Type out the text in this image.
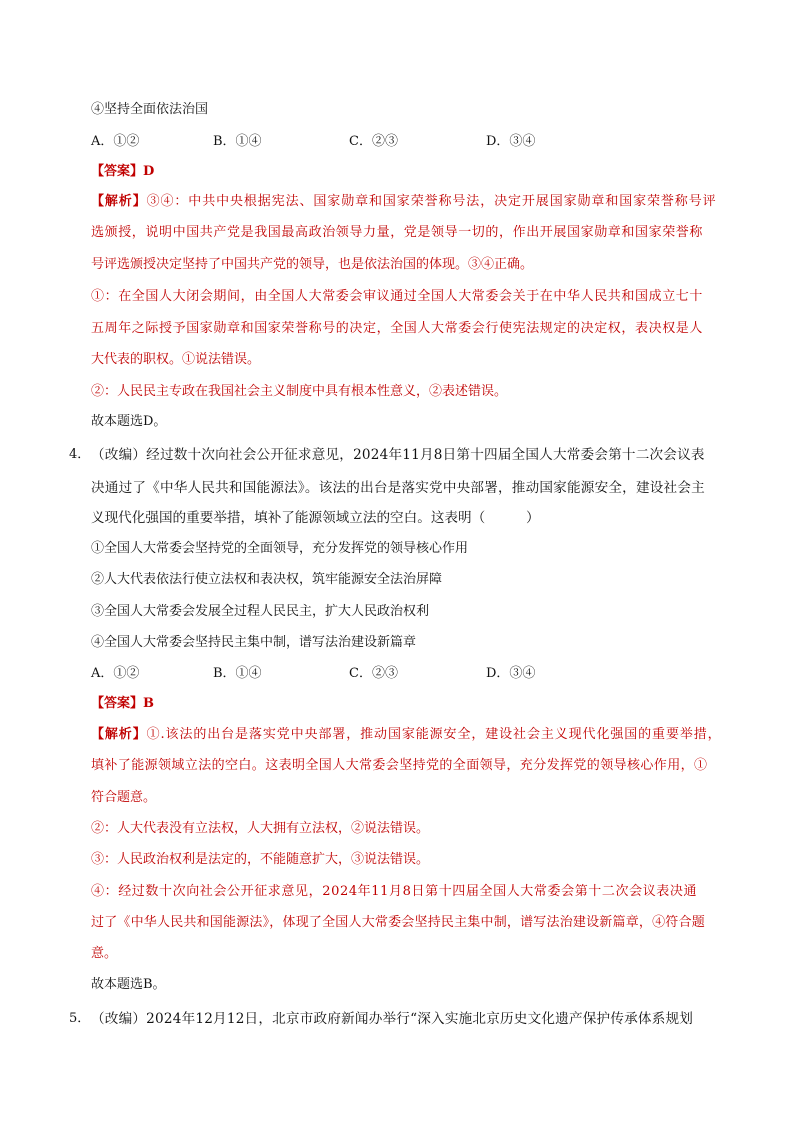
④坚持全面依法治国
A．①②	B．①④	C．②③	D．③④
【答案】D
【解析】③④：中共中央根据宪法、国家勋章和国家荣誉称号法，决定开展国家勋章和国家荣誉称号评
选颁授，说明中国共产党是我国最高政治领导力量，党是领导一切的，作出开展国家勋章和国家荣誉称
号评选颁授决定坚持了中国共产党的领导，也是依法治国的体现。③④正确。
①：在全国人大闭会期间，由全国人大常委会审议通过全国人大常委会关于在中华人民共和国成立七十
五周年之际授予国家勋章和国家荣誉称号的决定，全国人大常委会行使宪法规定的决定权，表决权是人
大代表的职权。①说法错误。
②：人民民主专政在我国社会主义制度中具有根本性意义，②表述错误。
故本题选D。
4． （改编）经过数十次向社会公开征求意见，2024年11月8日第十四届全国人大常委会第十二次会议表
决通过了《中华人民共和国能源法》。该法的出台是落实党中央部署，推动国家能源安全，建设社会主
义现代化强国的重要举措，填补了能源领域立法的空白。这表明（　　　）
①全国人大常委会坚持党的全面领导，充分发挥党的领导核心作用
②人大代表依法行使立法权和表决权，筑牢能源安全法治屏障
③全国人大常委会发展全过程人民民主，扩大人民政治权利
④全国人大常委会坚持民主集中制，谱写法治建设新篇章
A．①②	B．①④	C．②③	D．③④
【答案】B
【解析】①.该法的出台是落实党中央部署，推动国家能源安全，建设社会主义现代化强国的重要举措，
填补了能源领域立法的空白。这表明全国人大常委会坚持党的全面领导，充分发挥党的领导核心作用，①
符合题意。
②：人大代表没有立法权，人大拥有立法权，②说法错误。
③：人民政治权利是法定的，不能随意扩大，③说法错误。
④：经过数十次向社会公开征求意见，2024年11月8日第十四届全国人大常委会第十二次会议表决通
过了《中华人民共和国能源法》，体现了全国人大常委会坚持民主集中制，谱写法治建设新篇章，④符合题
意。
故本题选B。
5． （改编）2024年12月12日，北京市政府新闻办举行“深入实施北京历史文化遗产保护传承体系规划
